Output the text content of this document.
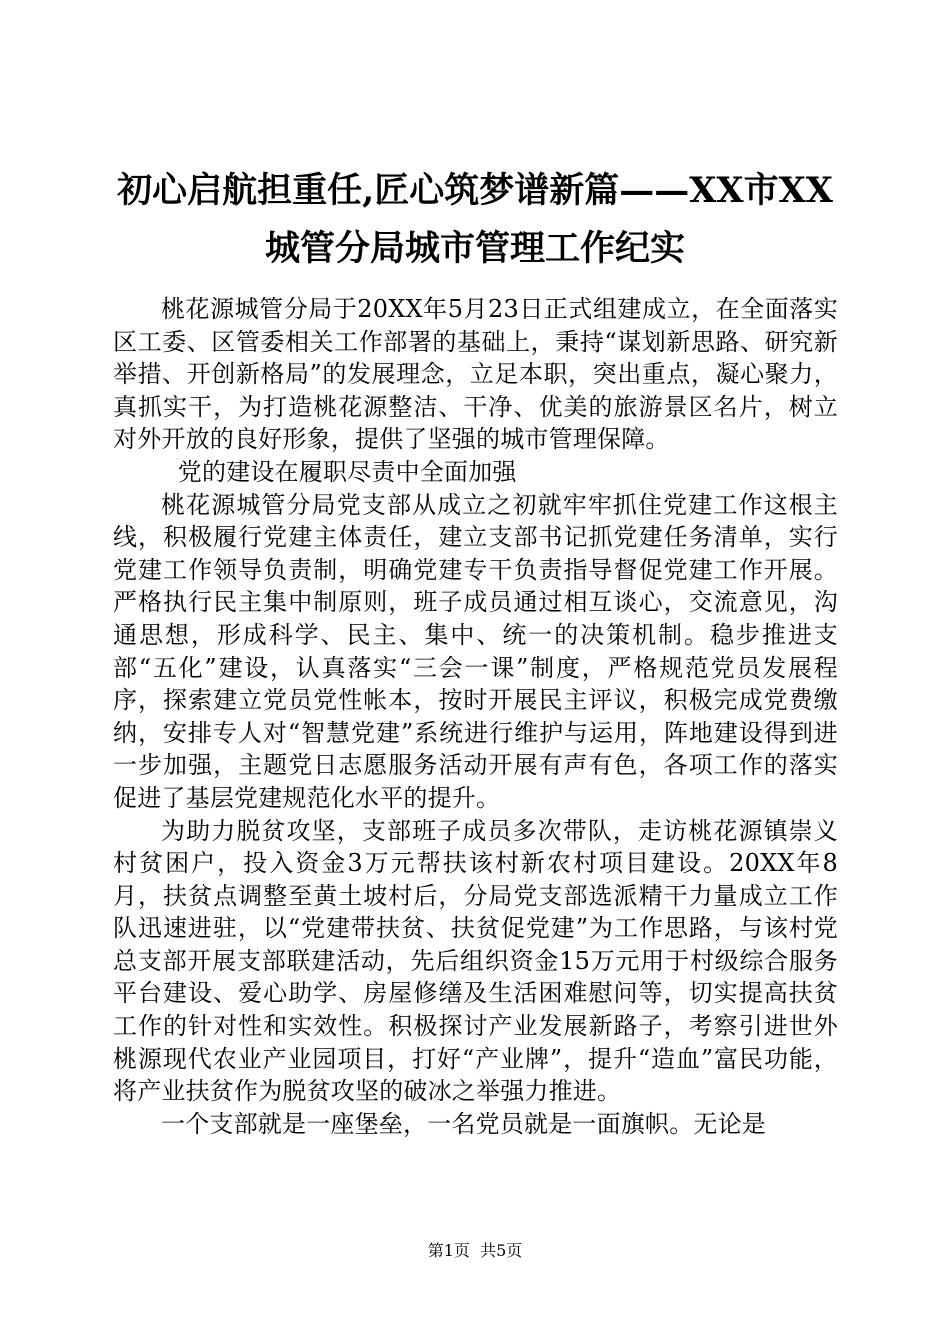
初心启航担重任,匠心筑梦谱新篇——XX市XX
城管分局城市管理工作纪实

桃花源城管分局于20XX年5月23日正式组建成立，在全面落实区工委、区管委相关工作部署的基础上，秉持“谋划新思路、研究新举措、开创新格局”的发展理念，立足本职，突出重点，凝心聚力，真抓实干，为打造桃花源整洁、干净、优美的旅游景区名片，树立对外开放的良好形象，提供了坚强的城市管理保障。

党的建设在履职尽责中全面加强

桃花源城管分局党支部从成立之初就牢牢抓住党建工作这根主线，积极履行党建主体责任，建立支部书记抓党建任务清单，实行党建工作领导负责制，明确党建专干负责指导督促党建工作开展。严格执行民主集中制原则，班子成员通过相互谈心，交流意见，沟通思想，形成科学、民主、集中、统一的决策机制。稳步推进支部“五化”建设，认真落实“三会一课”制度，严格规范党员发展程序，探索建立党员党性帐本，按时开展民主评议，积极完成党费缴纳，安排专人对“智慧党建”系统进行维护与运用，阵地建设得到进一步加强，主题党日志愿服务活动开展有声有色，各项工作的落实促进了基层党建规范化水平的提升。

为助力脱贫攻坚，支部班子成员多次带队，走访桃花源镇崇义村贫困户，投入资金3万元帮扶该村新农村项目建设。20XX年8月，扶贫点调整至黄土坡村后，分局党支部选派精干力量成立工作队迅速进驻，以“党建带扶贫、扶贫促党建”为工作思路，与该村党总支部开展支部联建活动，先后组织资金15万元用于村级综合服务平台建设、爱心助学、房屋修缮及生活困难慰问等，切实提高扶贫工作的针对性和实效性。积极探讨产业发展新路子，考察引进世外桃源现代农业产业园项目，打好“产业牌”，提升“造血”富民功能，将产业扶贫作为脱贫攻坚的破冰之举强力推进。

一个支部就是一座堡垒，一名党员就是一面旗帜。无论是

第1页  共5页
